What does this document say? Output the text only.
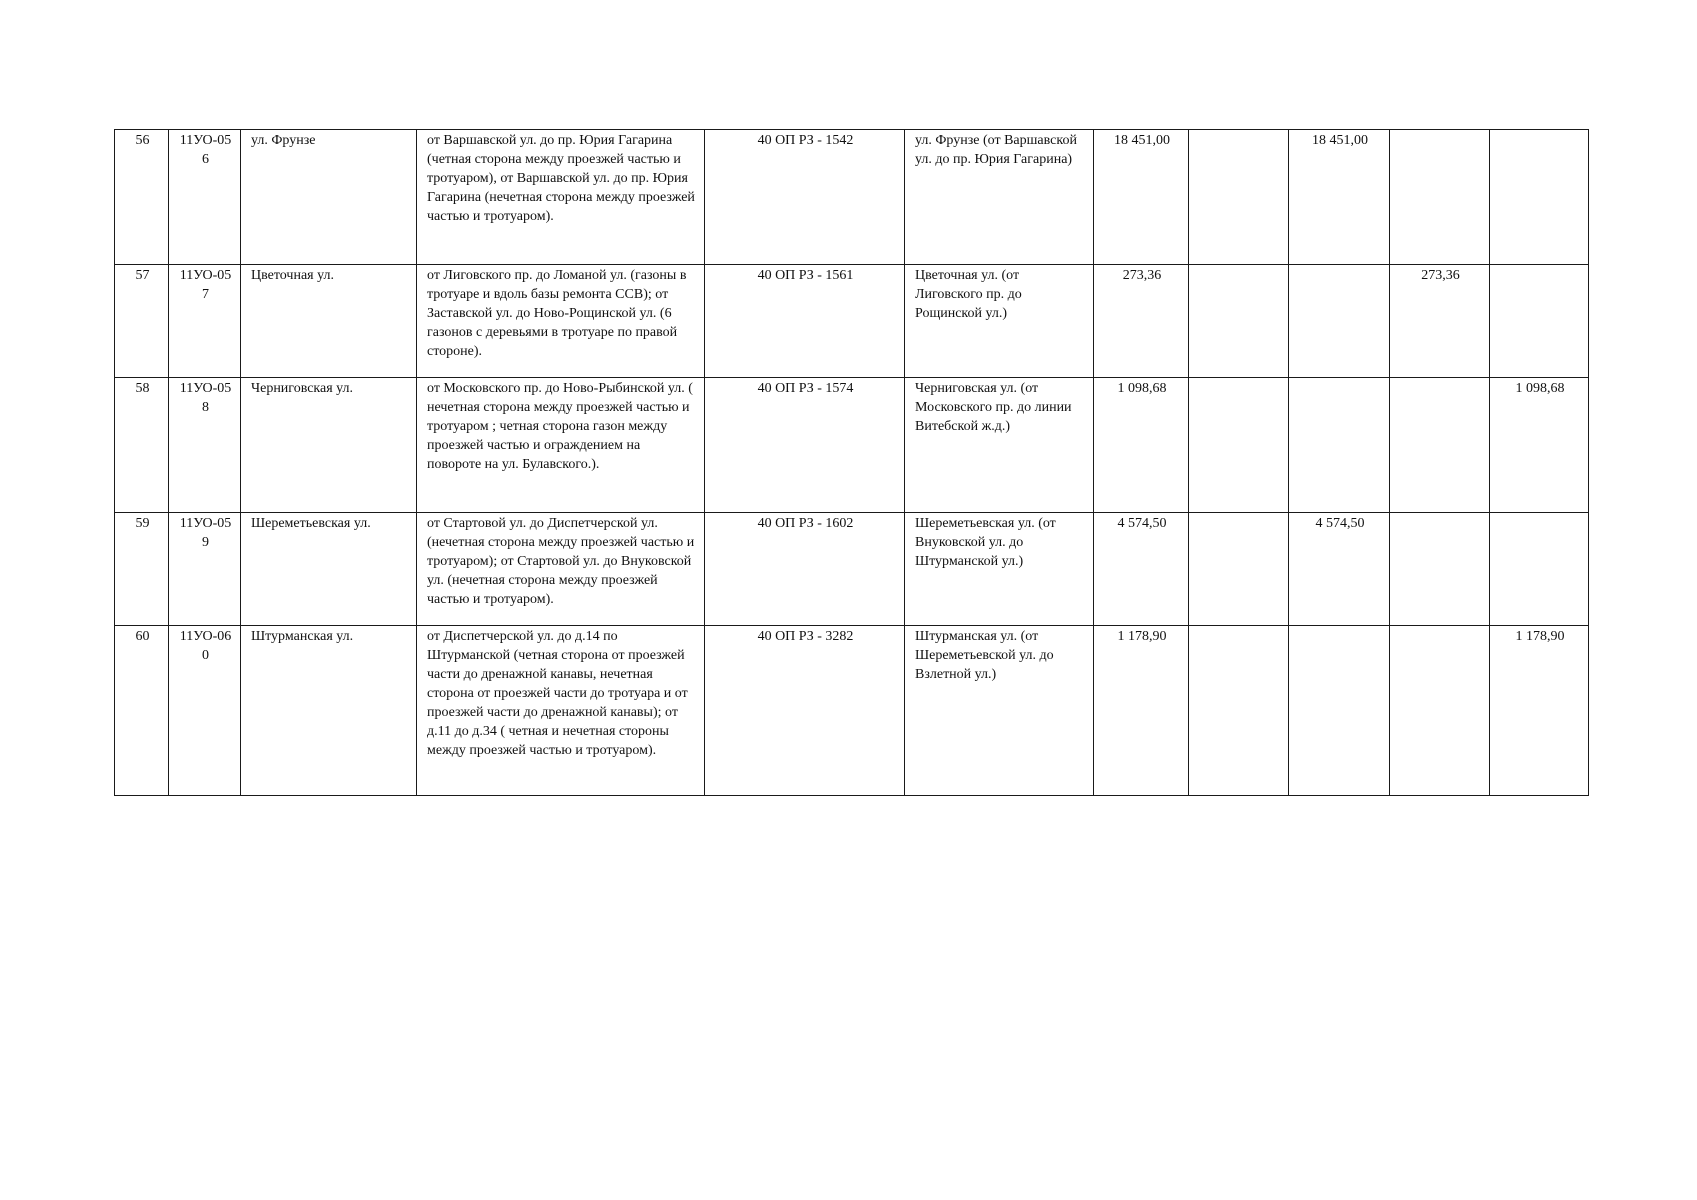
56	11УО-056	ул. Фрунзе	от Варшавской ул. до пр. Юрия Гагарина (четная сторона между проезжей частью и тротуаром), от Варшавской ул. до пр. Юрия Гагарина (нечетная сторона между проезжей частью и тротуаром).	40 ОП РЗ - 1542	ул. Фрунзе (от Варшавской ул. до пр. Юрия Гагарина)	18 451,00		18 451,00		
57	11УО-057	Цветочная ул.	от Лиговского пр. до Ломаной ул. (газоны в тротуаре и вдоль базы ремонта ССВ); от Заставской ул. до Ново-Рощинской ул. (6 газонов с деревьями в тротуаре по правой стороне).	40 ОП РЗ - 1561	Цветочная ул. (от Лиговского пр. до Рощинской ул.)	273,36			273,36	
58	11УО-058	Черниговская ул.	от Московского пр. до Ново-Рыбинской ул. ( нечетная сторона между проезжей частью и тротуаром ; четная сторона газон между проезжей частью и ограждением на повороте на ул. Булавского.).	40 ОП РЗ - 1574	Черниговская ул. (от Московского пр. до линии Витебской ж.д.)	1 098,68				1 098,68
59	11УО-059	Шереметьевская ул.	от Стартовой ул. до Диспетчерской ул. (нечетная сторона между проезжей частью и тротуаром); от Стартовой ул. до Внуковской ул. (нечетная сторона между проезжей частью и тротуаром).	40 ОП РЗ - 1602	Шереметьевская ул. (от Внуковской ул. до Штурманской ул.)	4 574,50		4 574,50		
60	11УО-060	Штурманская ул.	от Диспетчерской ул. до д.14 по Штурманской (четная сторона от проезжей части до дренажной канавы, нечетная сторона от проезжей части до тротуара и от проезжей части до дренажной канавы); от д.11 до д.34 ( четная и нечетная стороны между проезжей частью и тротуаром).	40 ОП РЗ - 3282	Штурманская ул. (от Шереметьевской ул. до Взлетной ул.)	1 178,90				1 178,90
